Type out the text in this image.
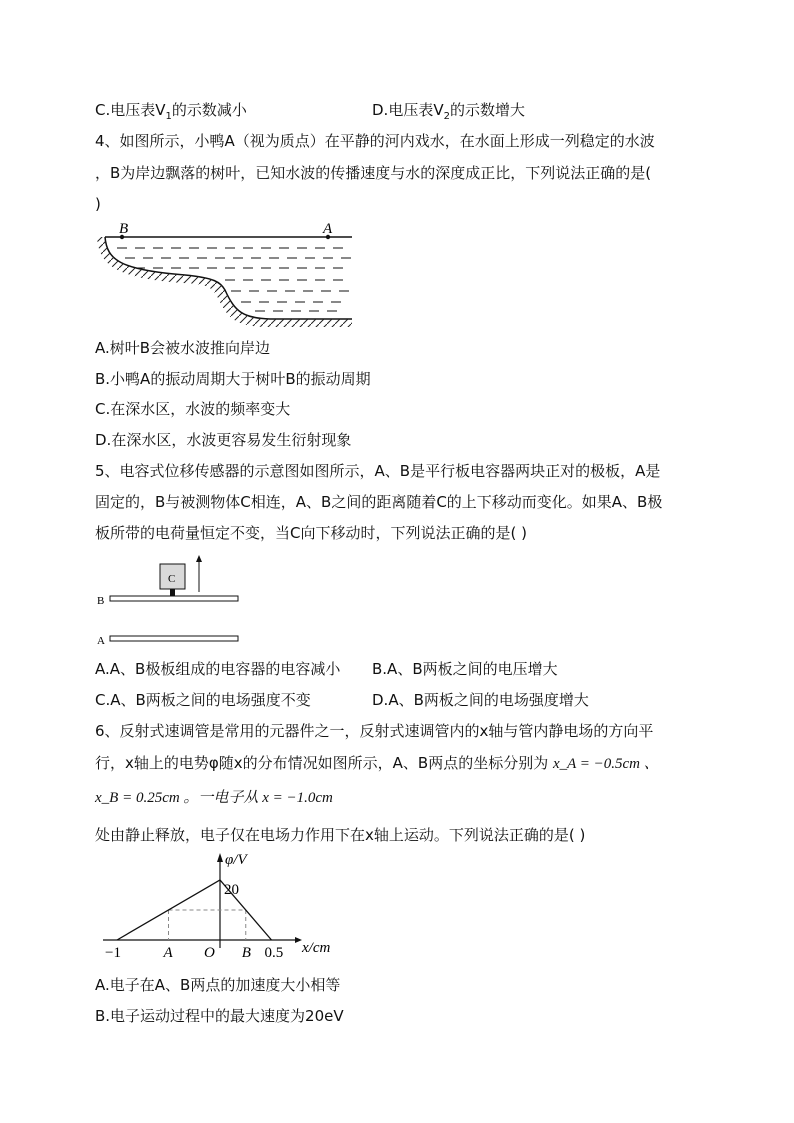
C.电压表$V_1$的示数减小	D.电压表$V_2$的示数增大
4、如图所示，小鸭A（视为质点）在平静的河内戏水，在水面上形成一列稳定的水波
，B为岸边飘落的树叶，已知水波的传播速度与水的深度成正比，下列说法正确的是(
)
B	A
A.树叶B会被水波推向岸边
B.小鸭A的振动周期大于树叶B的振动周期
C.在深水区，水波的频率变大
D.在深水区，水波更容易发生衍射现象
5、电容式位移传感器的示意图如图所示，A、B是平行板电容器两块正对的极板，A是
固定的，B与被测物体C相连，A、B之间的距离随着C的上下移动而变化。如果A、B极
板所带的电荷量恒定不变，当C向下移动时，下列说法正确的是( )
C
B
A
A.A、B极板组成的电容器的电容减小 B.A、B两板之间的电压增大
C.A、B两板之间的电场强度不变	D.A、B两板之间的电场强度增大
6、反射式速调管是常用的元器件之一，反射式速调管内的x轴与管内静电场的方向平
行，x轴上的电势φ随x的分布情况如图所示，A、B两点的坐标分别为 x_A = −0.5cm 、
x_B = 0.25cm 。一电子从 x = −1.0cm
处由静止释放，电子仅在电场力作用下在x轴上运动。下列说法正确的是( )
φ/V
20
−1	A O B 0.5 x/cm
A.电子在A、B两点的加速度大小相等
B.电子运动过程中的最大速度为20eV
